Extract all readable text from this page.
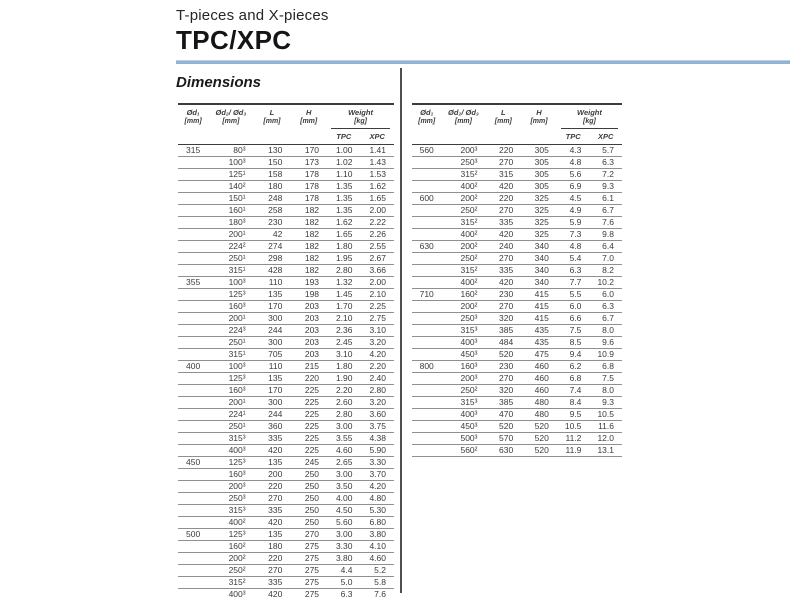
T-pieces and X-pieces
TPC/XPC
Dimensions
Ød₁
[mm]

Ød₂/ Ød₃
[mm]

L
[mm]

H
[mm]

Weight
[kg]

				TPC	XPC
315	80³	130	170	1.00	1.41
	100³	150	173	1.02	1.43
	125¹	158	178	1.10	1.53
	140²	180	178	1.35	1.62
	150¹	248	178	1.35	1.65
	160¹	258	182	1.35	2.00
	180³	230	182	1.62	2.22
	200¹	42	182	1.65	2.26
	224²	274	182	1.80	2.55
	250¹	298	182	1.95	2.67
	315¹	428	182	2.80	3.66
355	100³	110	193	1.32	2.00
	125³	135	198	1.45	2.10
	160³	170	203	1.70	2.25
	200¹	300	203	2.10	2.75
	224³	244	203	2.36	3.10
	250¹	300	203	2.45	3.20
	315¹	705	203	3.10	4.20
400	100³	110	215	1.80	2.20
	125³	135	220	1.90	2.40
	160³	170	225	2.20	2.80
	200¹	300	225	2.60	3.20
	224¹	244	225	2.80	3.60
	250¹	360	225	3.00	3.75
	315³	335	225	3.55	4.38
	400³	420	225	4.60	5.90
450	125³	135	245	2.65	3.30
	160³	200	250	3.00	3.70
	200³	220	250	3.50	4.20
	250³	270	250	4.00	4.80
	315³	335	250	4.50	5.30
	400²	420	250	5.60	6.80
500	125³	135	270	3.00	3.80
	160²	180	275	3.30	4.10
	200²	220	275	3.80	4.60
	250²	270	275	4.4	5.2
	315²	335	275	5.0	5.8
	400³	420	275	6.3	7.6
Ød₁
[mm]

Ød₂/ Ød₃
[mm]

L
[mm]

H
[mm]

Weight
[kg]

				TPC	XPC
560	200³	220	305	4.3	5.7
	250³	270	305	4.8	6.3
	315²	315	305	5.6	7.2
	400²	420	305	6.9	9.3
600	200²	220	325	4.5	6.1
	250²	270	325	4.9	6.7
	315²	335	325	5.9	7.6
	400²	420	325	7.3	9.8
630	200²	240	340	4.8	6.4
	250²	270	340	5.4	7.0
	315²	335	340	6.3	8.2
	400²	420	340	7.7	10.2
710	160²	230	415	5.5	6.0
	200²	270	415	6.0	6.3
	250³	320	415	6.6	6.7
	315³	385	435	7.5	8.0
	400³	484	435	8.5	9.6
	450³	520	475	9.4	10.9
800	160³	230	460	6.2	6.8
	200³	270	460	6.8	7.5
	250²	320	460	7.4	8.0
	315³	385	480	8.4	9.3
	400³	470	480	9.5	10.5
	450³	520	520	10.5	11.6
	500³	570	520	11.2	12.0
	560²	630	520	11.9	13.1
